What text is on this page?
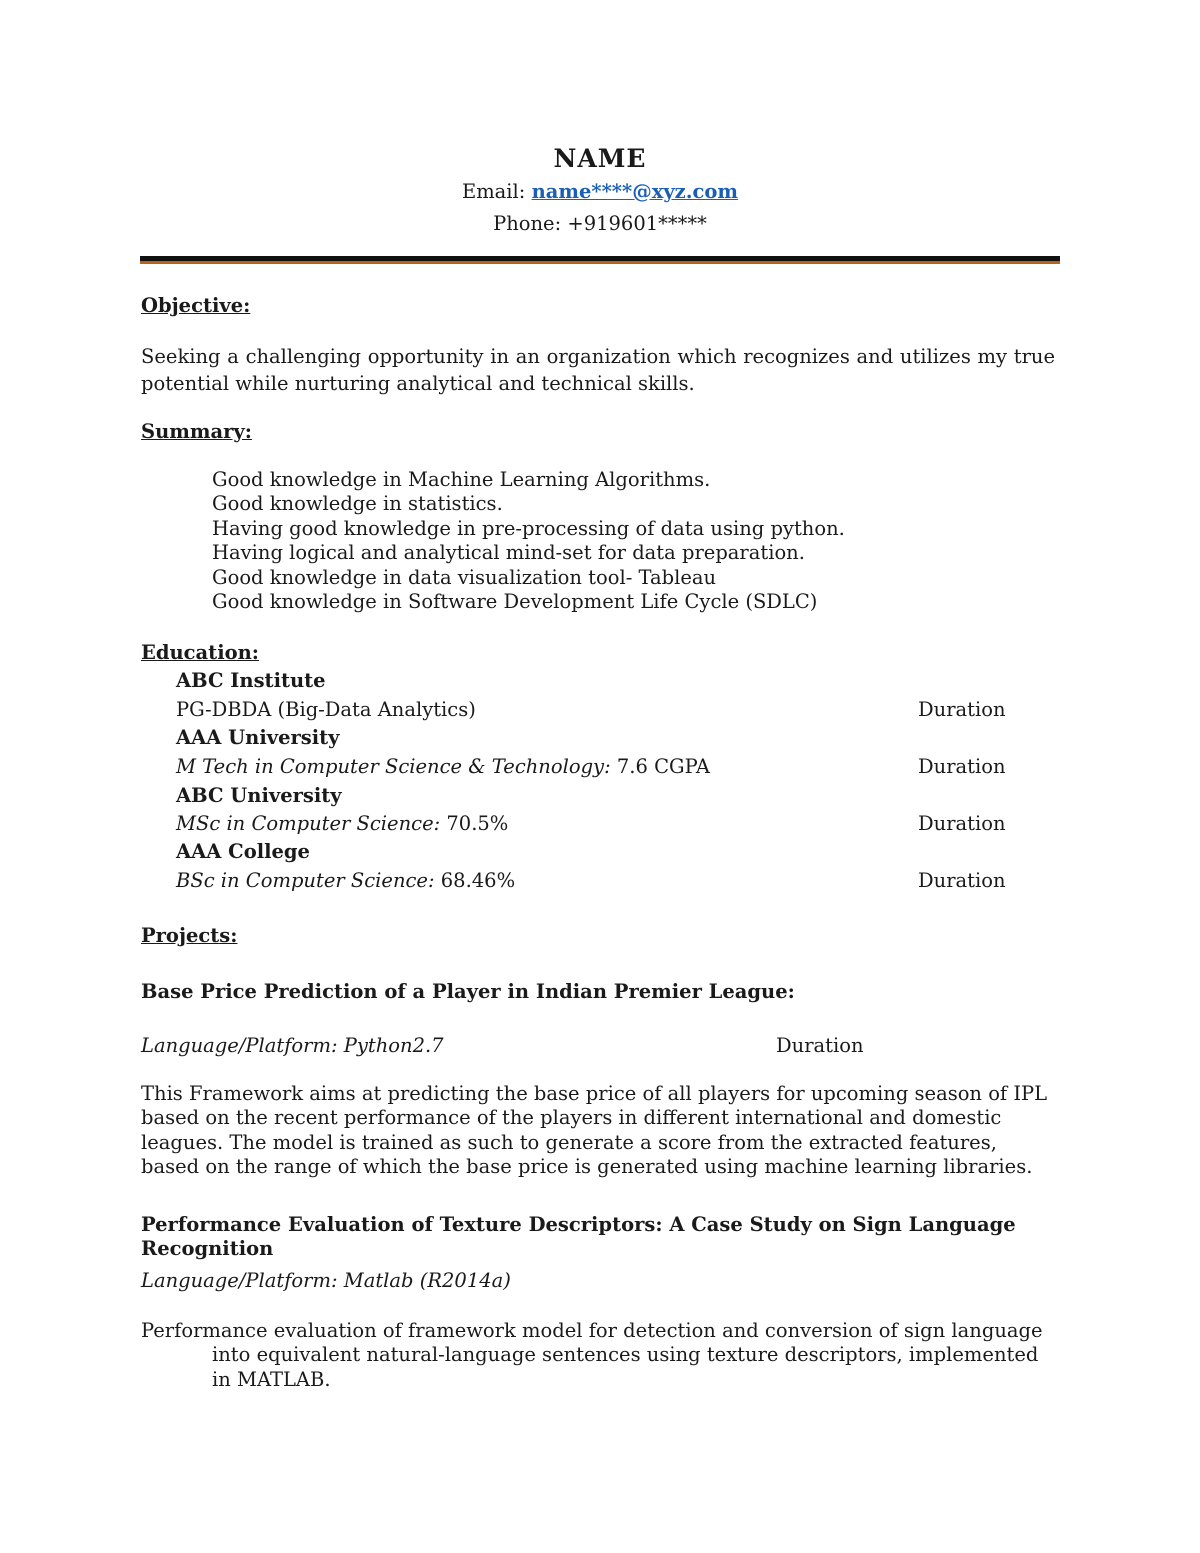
NAME
Email: name****@xyz.com
Phone: +919601*****
Objective:
Seeking a challenging opportunity in an organization which recognizes and utilizes my true potential while nurturing analytical and technical skills.
Summary:
Good knowledge in Machine Learning Algorithms.
Good knowledge in statistics.
Having good knowledge in pre-processing of data using python.
Having logical and analytical mind-set for data preparation.
Good knowledge in data visualization tool- Tableau
Good knowledge in Software Development Life Cycle (SDLC)
Education:
ABC Institute
PG-DBDA (Big-Data Analytics)	Duration
AAA University
M Tech in Computer Science & Technology: 7.6 CGPA	Duration
ABC University
MSc in Computer Science: 70.5%	Duration
AAA College
BSc in Computer Science: 68.46%	Duration
Projects:
Base Price Prediction of a Player in Indian Premier League:
Language/Platform: Python2.7	Duration
This Framework aims at predicting the base price of all players for upcoming season of IPL based on the recent performance of the players in different international and domestic leagues. The model is trained as such to generate a score from the extracted features, based on the range of which the base price is generated using machine learning libraries.
Performance Evaluation of Texture Descriptors: A Case Study on Sign Language Recognition
Language/Platform: Matlab (R2014a)
Performance evaluation of framework model for detection and conversion of sign language into equivalent natural-language sentences using texture descriptors, implemented in MATLAB.
